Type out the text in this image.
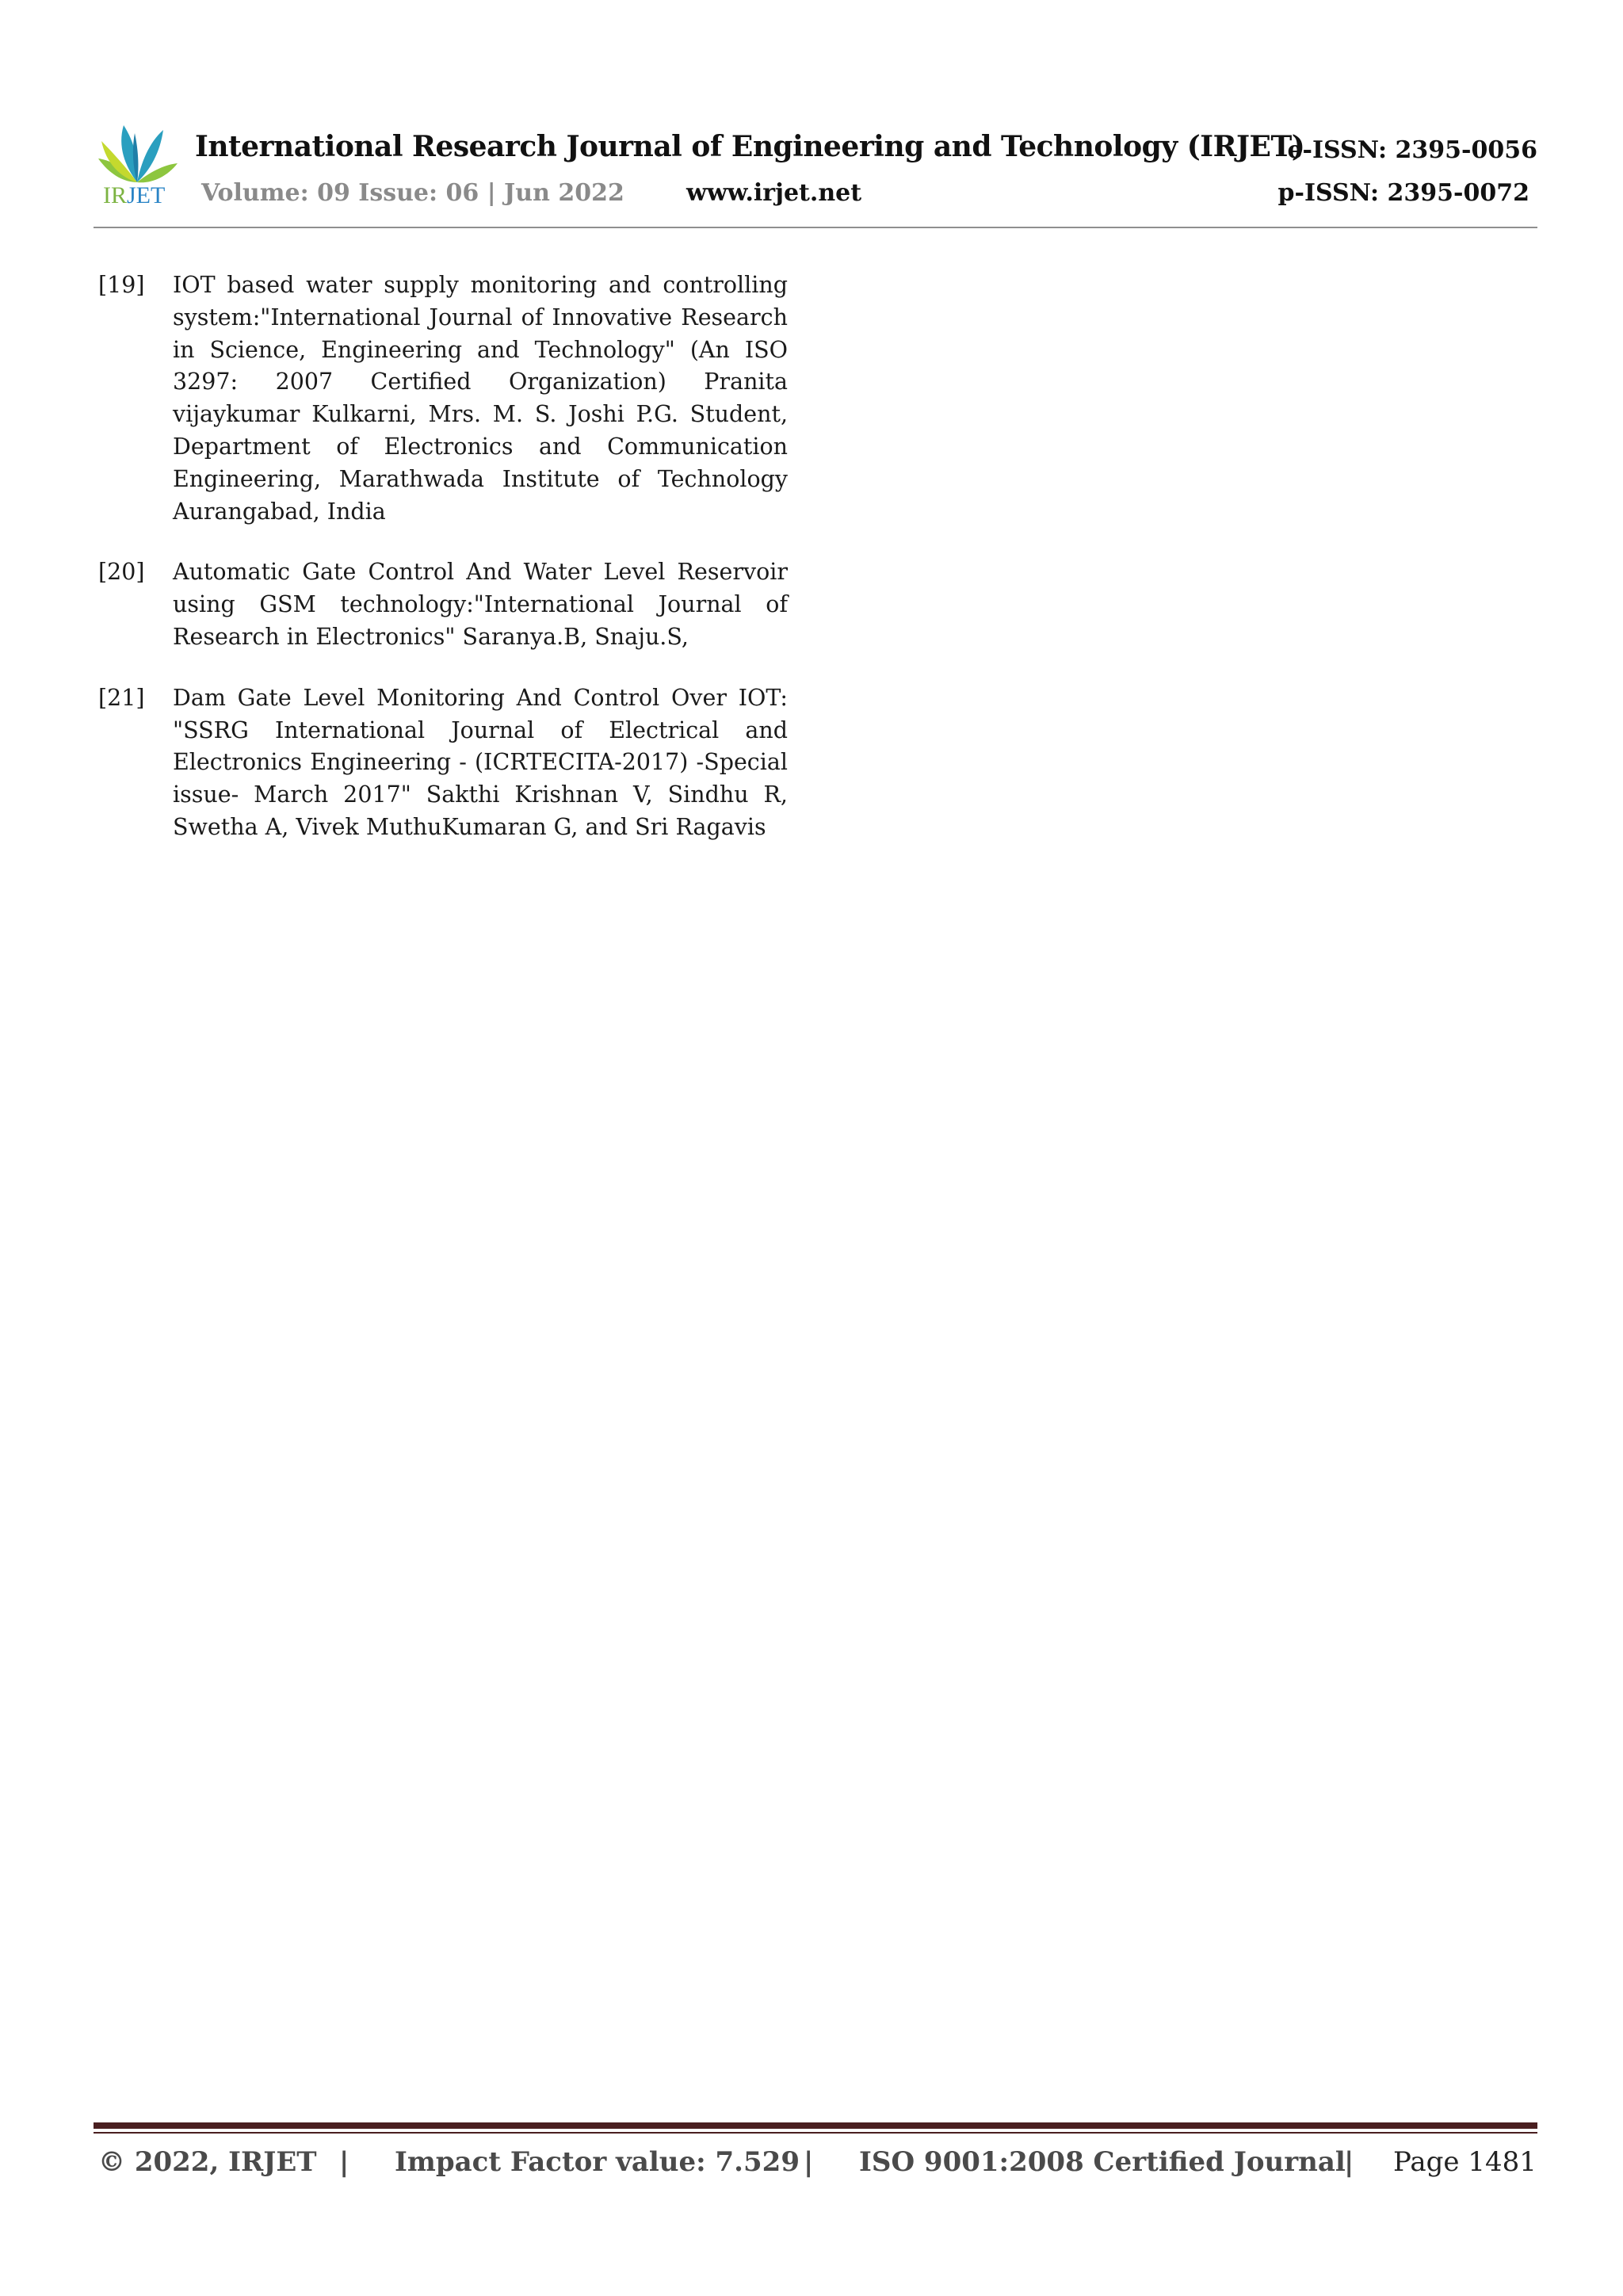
IRJET
International Research Journal of Engineering and Technology (IRJET)
Volume: 09 Issue: 06 | Jun 2022	www.irjet.net
e-ISSN: 2395-0056
p-ISSN: 2395-0072
[19] IOT based water supply monitoring and controlling system:"International Journal of Innovative Research in Science, Engineering and Technology" (An ISO 3297: 2007 Certified Organization) Pranita vijaykumar Kulkarni, Mrs. M. S. Joshi P.G. Student, Department of Electronics and Communication Engineering, Marathwada Institute of Technology Aurangabad, India
[20] Automatic Gate Control And Water Level Reservoir using GSM technology:"International Journal of Research in Electronics" Saranya.B, Snaju.S,
[21] Dam Gate Level Monitoring And Control Over IOT: "SSRG International Journal of Electrical and Electronics Engineering - (ICRTECITA-2017) -Special issue- March 2017" Sakthi Krishnan V, Sindhu R, Swetha A, Vivek MuthuKumaran G, and Sri Ragavis
© 2022, IRJET | Impact Factor value: 7.529 | ISO 9001:2008 Certified Journal
| Page 1481
